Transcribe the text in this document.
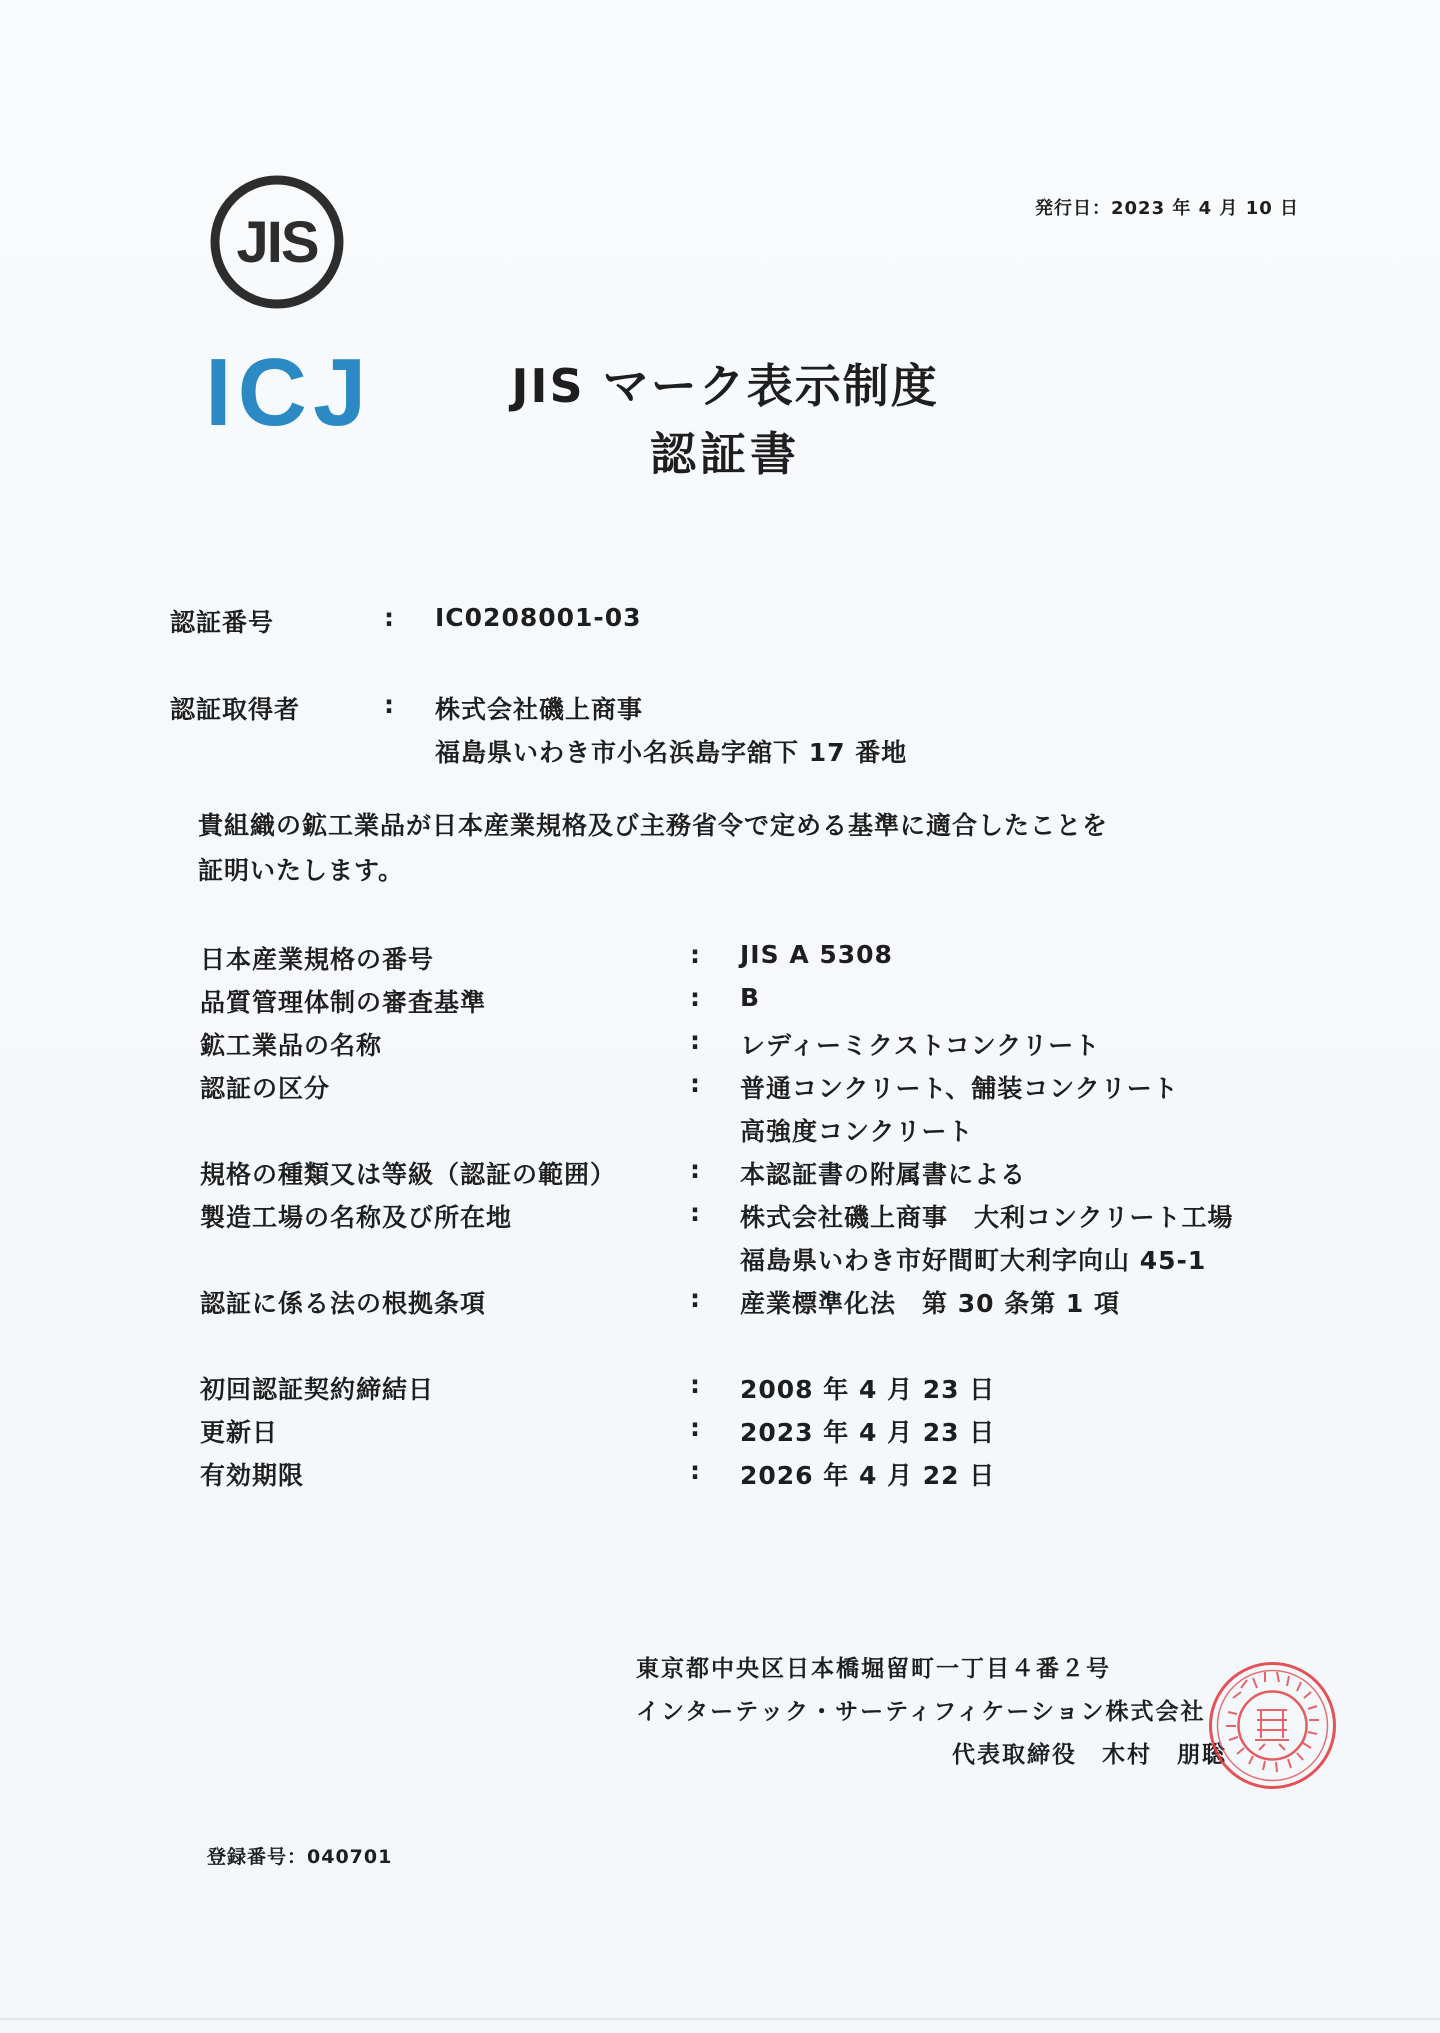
JIS
ICJ
発行日：2023 年 4 月 10 日
JIS マーク表示制度
認証書
認証番号	: IC0208001-03
認証取得者	: 株式会社磯上商事
福島県いわき市小名浜島字舘下 17 番地
貴組織の鉱工業品が日本産業規格及び主務省令で定める基準に適合したことを
証明いたします。
日本産業規格の番号	: JIS A 5308
品質管理体制の審査基準	: B
鉱工業品の名称	: レディーミクストコンクリート
認証の区分	: 普通コンクリート、舗装コンクリート
高強度コンクリート
規格の種類又は等級（認証の範囲）	: 本認証書の附属書による
製造工場の名称及び所在地	: 株式会社磯上商事　大利コンクリート工場
福島県いわき市好間町大利字向山 45-1
認証に係る法の根拠条項	: 産業標準化法　第 30 条第 1 項
初回認証契約締結日	: 2008 年 4 月 23 日
更新日	: 2023 年 4 月 23 日
有効期限	: 2026 年 4 月 22 日
東京都中央区日本橋堀留町一丁目４番２号
インターテック・サーティフィケーション株式会社
代表取締役　木村　朋聡
登録番号：040701
